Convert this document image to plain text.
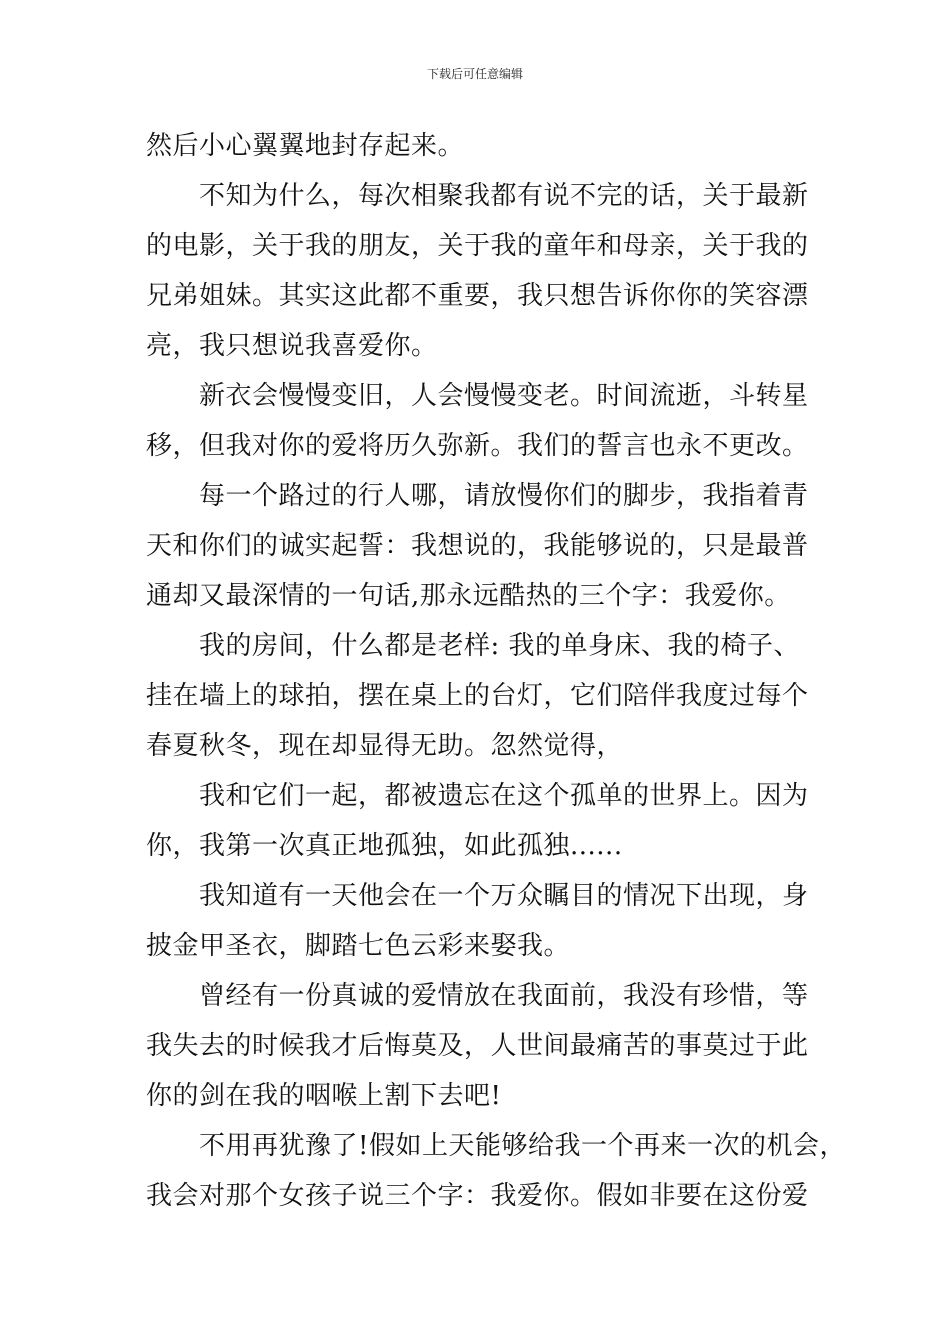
下载后可任意编辑
然后小心翼翼地封存起来。
不知为什么，每次相聚我都有说不完的话，关于最新
的电影，关于我的朋友，关于我的童年和母亲，关于我的
兄弟姐妹。其实这此都不重要，我只想告诉你你的笑容漂
亮，我只想说我喜爱你。
新衣会慢慢变旧，人会慢慢变老。时间流逝，斗转星
移，但我对你的爱将历久弥新。我们的誓言也永不更改。
每一个路过的行人哪，请放慢你们的脚步，我指着青
天和你们的诚实起誓：我想说的，我能够说的，只是最普
通却又最深情的一句话,那永远酷热的三个字：我爱你。
我的房间，什么都是老样: 我的单身床、我的椅子、
挂在墙上的球拍，摆在桌上的台灯，它们陪伴我度过每个
春夏秋冬，现在却显得无助。忽然觉得，
我和它们一起，都被遗忘在这个孤单的世界上。因为
你，我第一次真正地孤独，如此孤独......
我知道有一天他会在一个万众瞩目的情况下出现，身
披金甲圣衣，脚踏七色云彩来娶我。
曾经有一份真诚的爱情放在我面前，我没有珍惜，等
我失去的时候我才后悔莫及，人世间最痛苦的事莫过于此
你的剑在我的咽喉上割下去吧!
不用再犹豫了!假如上天能够给我一个再来一次的机会，
我会对那个女孩子说三个字：我爱你。假如非要在这份爱
